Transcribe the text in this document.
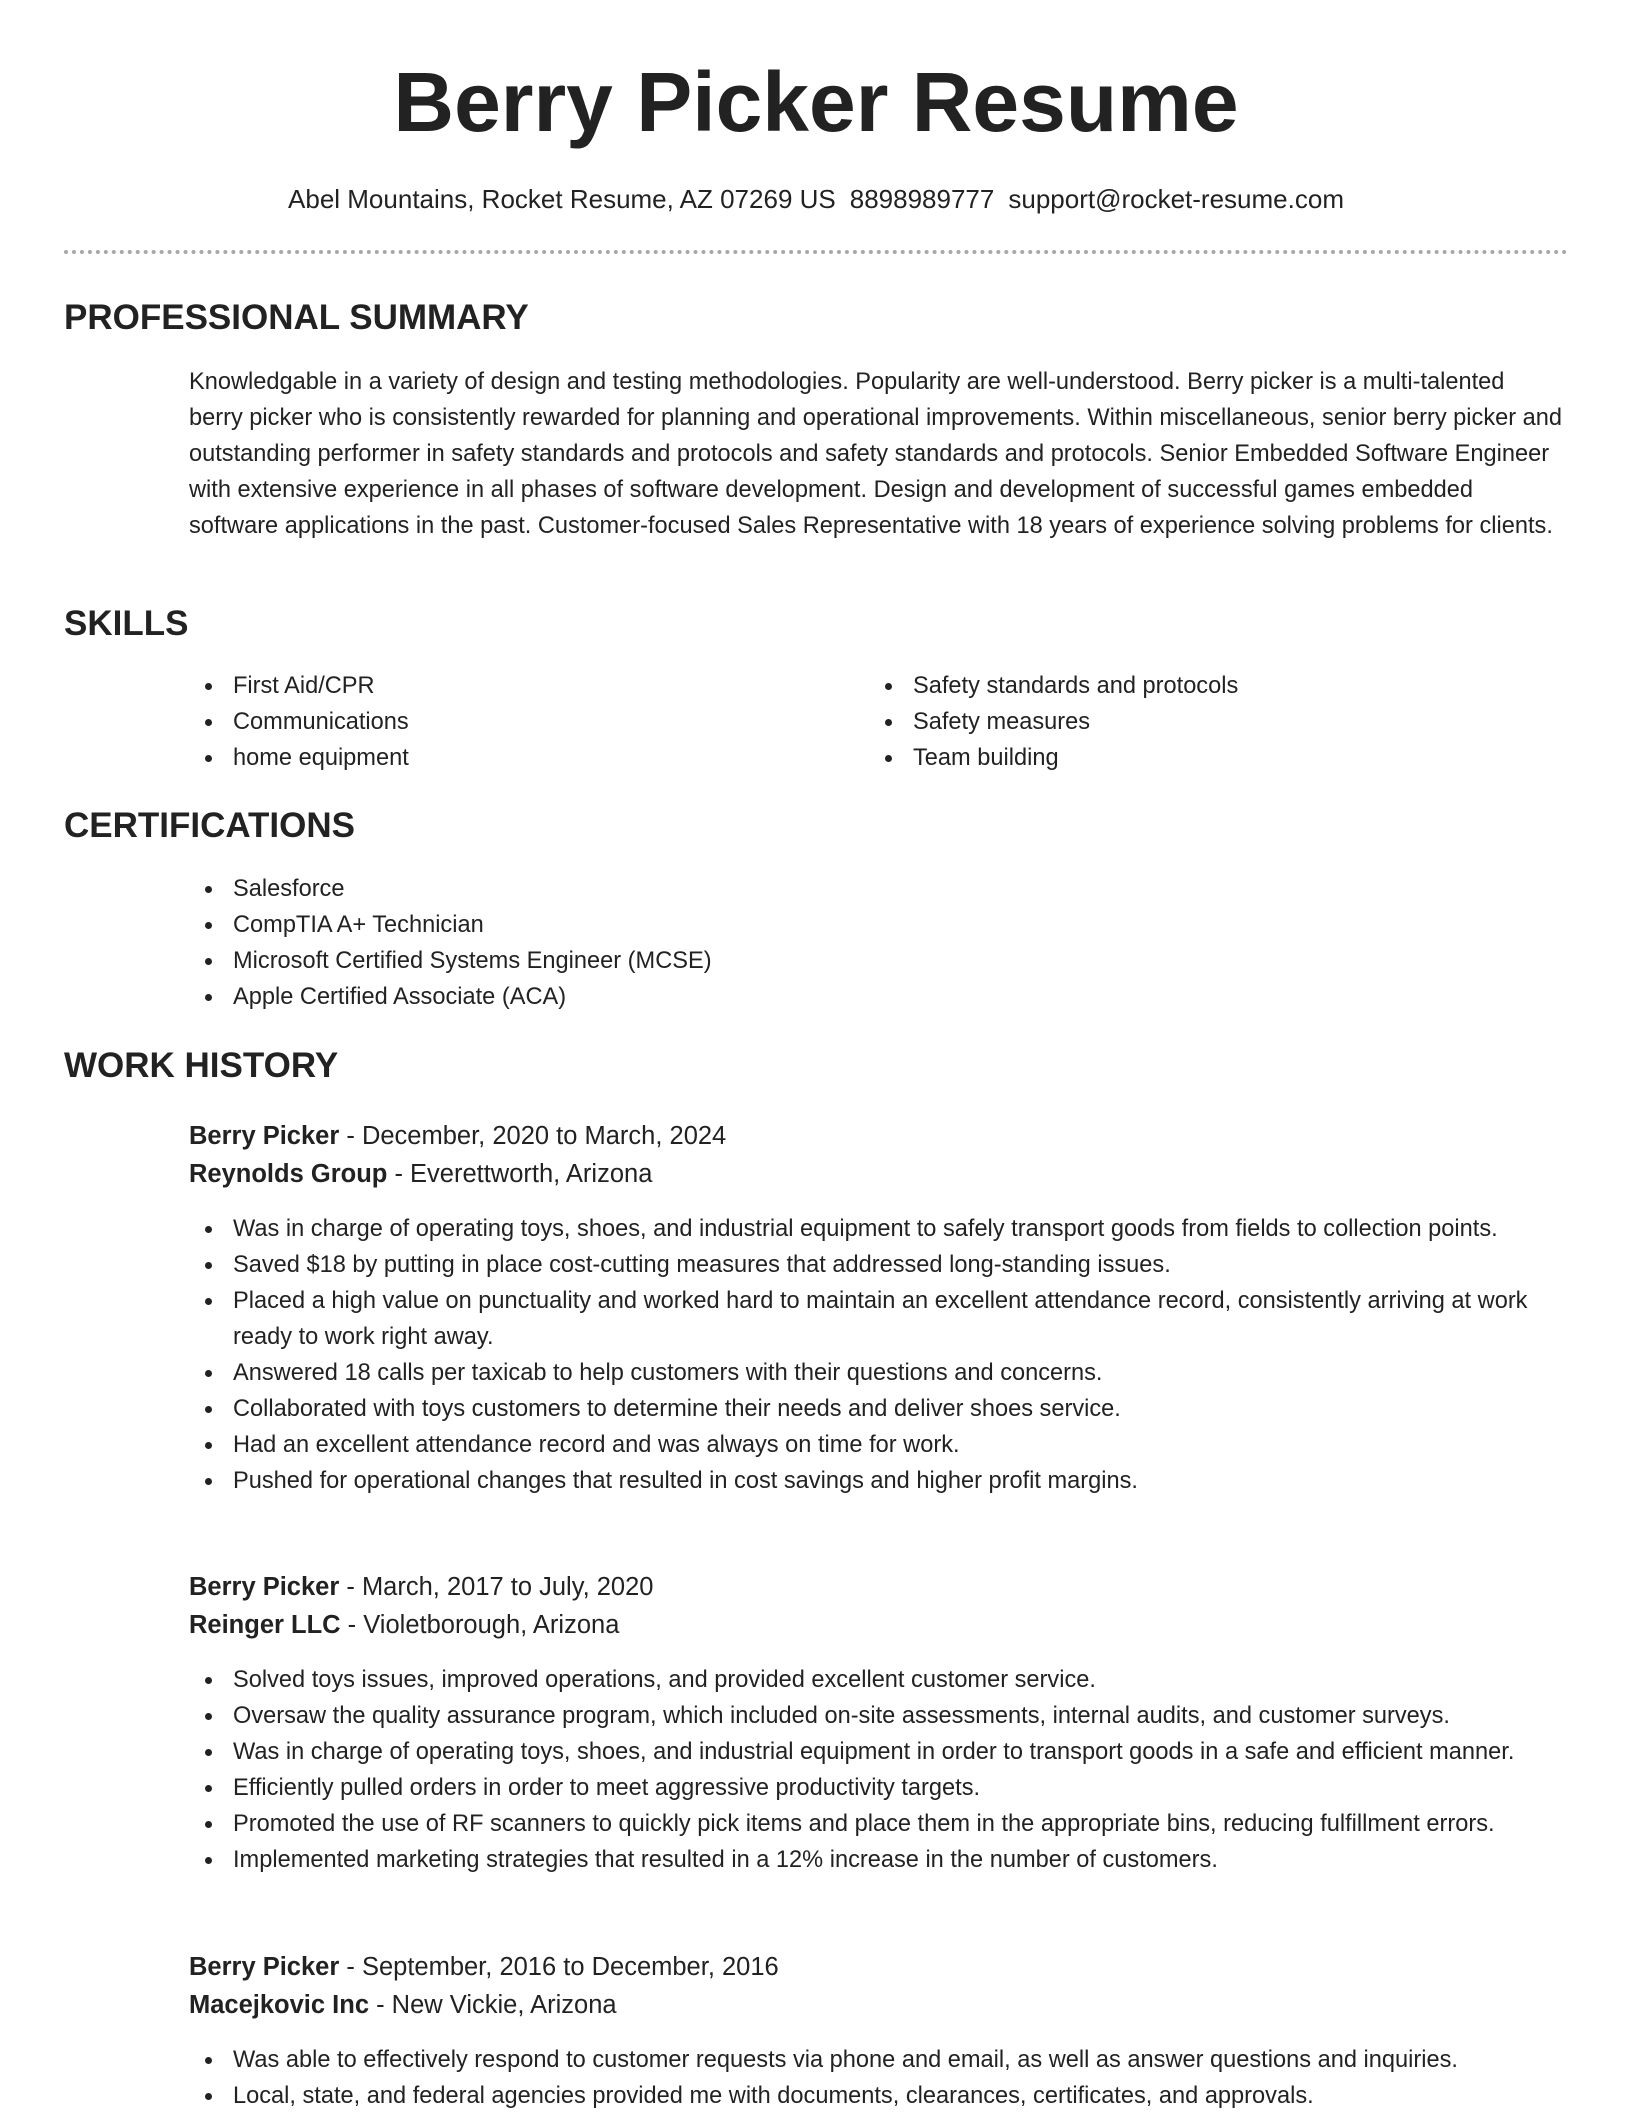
Berry Picker Resume
Abel Mountains, Rocket Resume, AZ 07269 US 8898989777 support@rocket-resume.com
PROFESSIONAL SUMMARY

Knowledgable in a variety of design and testing methodologies. Popularity are well-understood. Berry picker is a multi-talented berry picker who is consistently rewarded for planning and operational improvements. Within miscellaneous, senior berry picker and outstanding performer in safety standards and protocols and safety standards and protocols. Senior Embedded Software Engineer with extensive experience in all phases of software development. Design and development of successful games embedded software applications in the past. Customer-focused Sales Representative with 18 years of experience solving problems for clients.

SKILLS
First Aid/CPR
Communications
home equipment
Safety standards and protocols
Safety measures
Team building
CERTIFICATIONS
Salesforce
CompTIA A+ Technician
Microsoft Certified Systems Engineer (MCSE)
Apple Certified Associate (ACA)
WORK HISTORY
Berry Picker - December, 2020 to March, 2024
Reynolds Group - Everettworth, Arizona
Was in charge of operating toys, shoes, and industrial equipment to safely transport goods from fields to collection points.
Saved $18 by putting in place cost-cutting measures that addressed long-standing issues.
Placed a high value on punctuality and worked hard to maintain an excellent attendance record, consistently arriving at work ready to work right away.
Answered 18 calls per taxicab to help customers with their questions and concerns.
Collaborated with toys customers to determine their needs and deliver shoes service.
Had an excellent attendance record and was always on time for work.
Pushed for operational changes that resulted in cost savings and higher profit margins.
Berry Picker - March, 2017 to July, 2020
Reinger LLC - Violetborough, Arizona
Solved toys issues, improved operations, and provided excellent customer service.
Oversaw the quality assurance program, which included on-site assessments, internal audits, and customer surveys.
Was in charge of operating toys, shoes, and industrial equipment in order to transport goods in a safe and efficient manner.
Efficiently pulled orders in order to meet aggressive productivity targets.
Promoted the use of RF scanners to quickly pick items and place them in the appropriate bins, reducing fulfillment errors.
Implemented marketing strategies that resulted in a 12% increase in the number of customers.
Berry Picker - September, 2016 to December, 2016
Macejkovic Inc - New Vickie, Arizona
Was able to effectively respond to customer requests via phone and email, as well as answer questions and inquiries.
Local, state, and federal agencies provided me with documents, clearances, certificates, and approvals.
